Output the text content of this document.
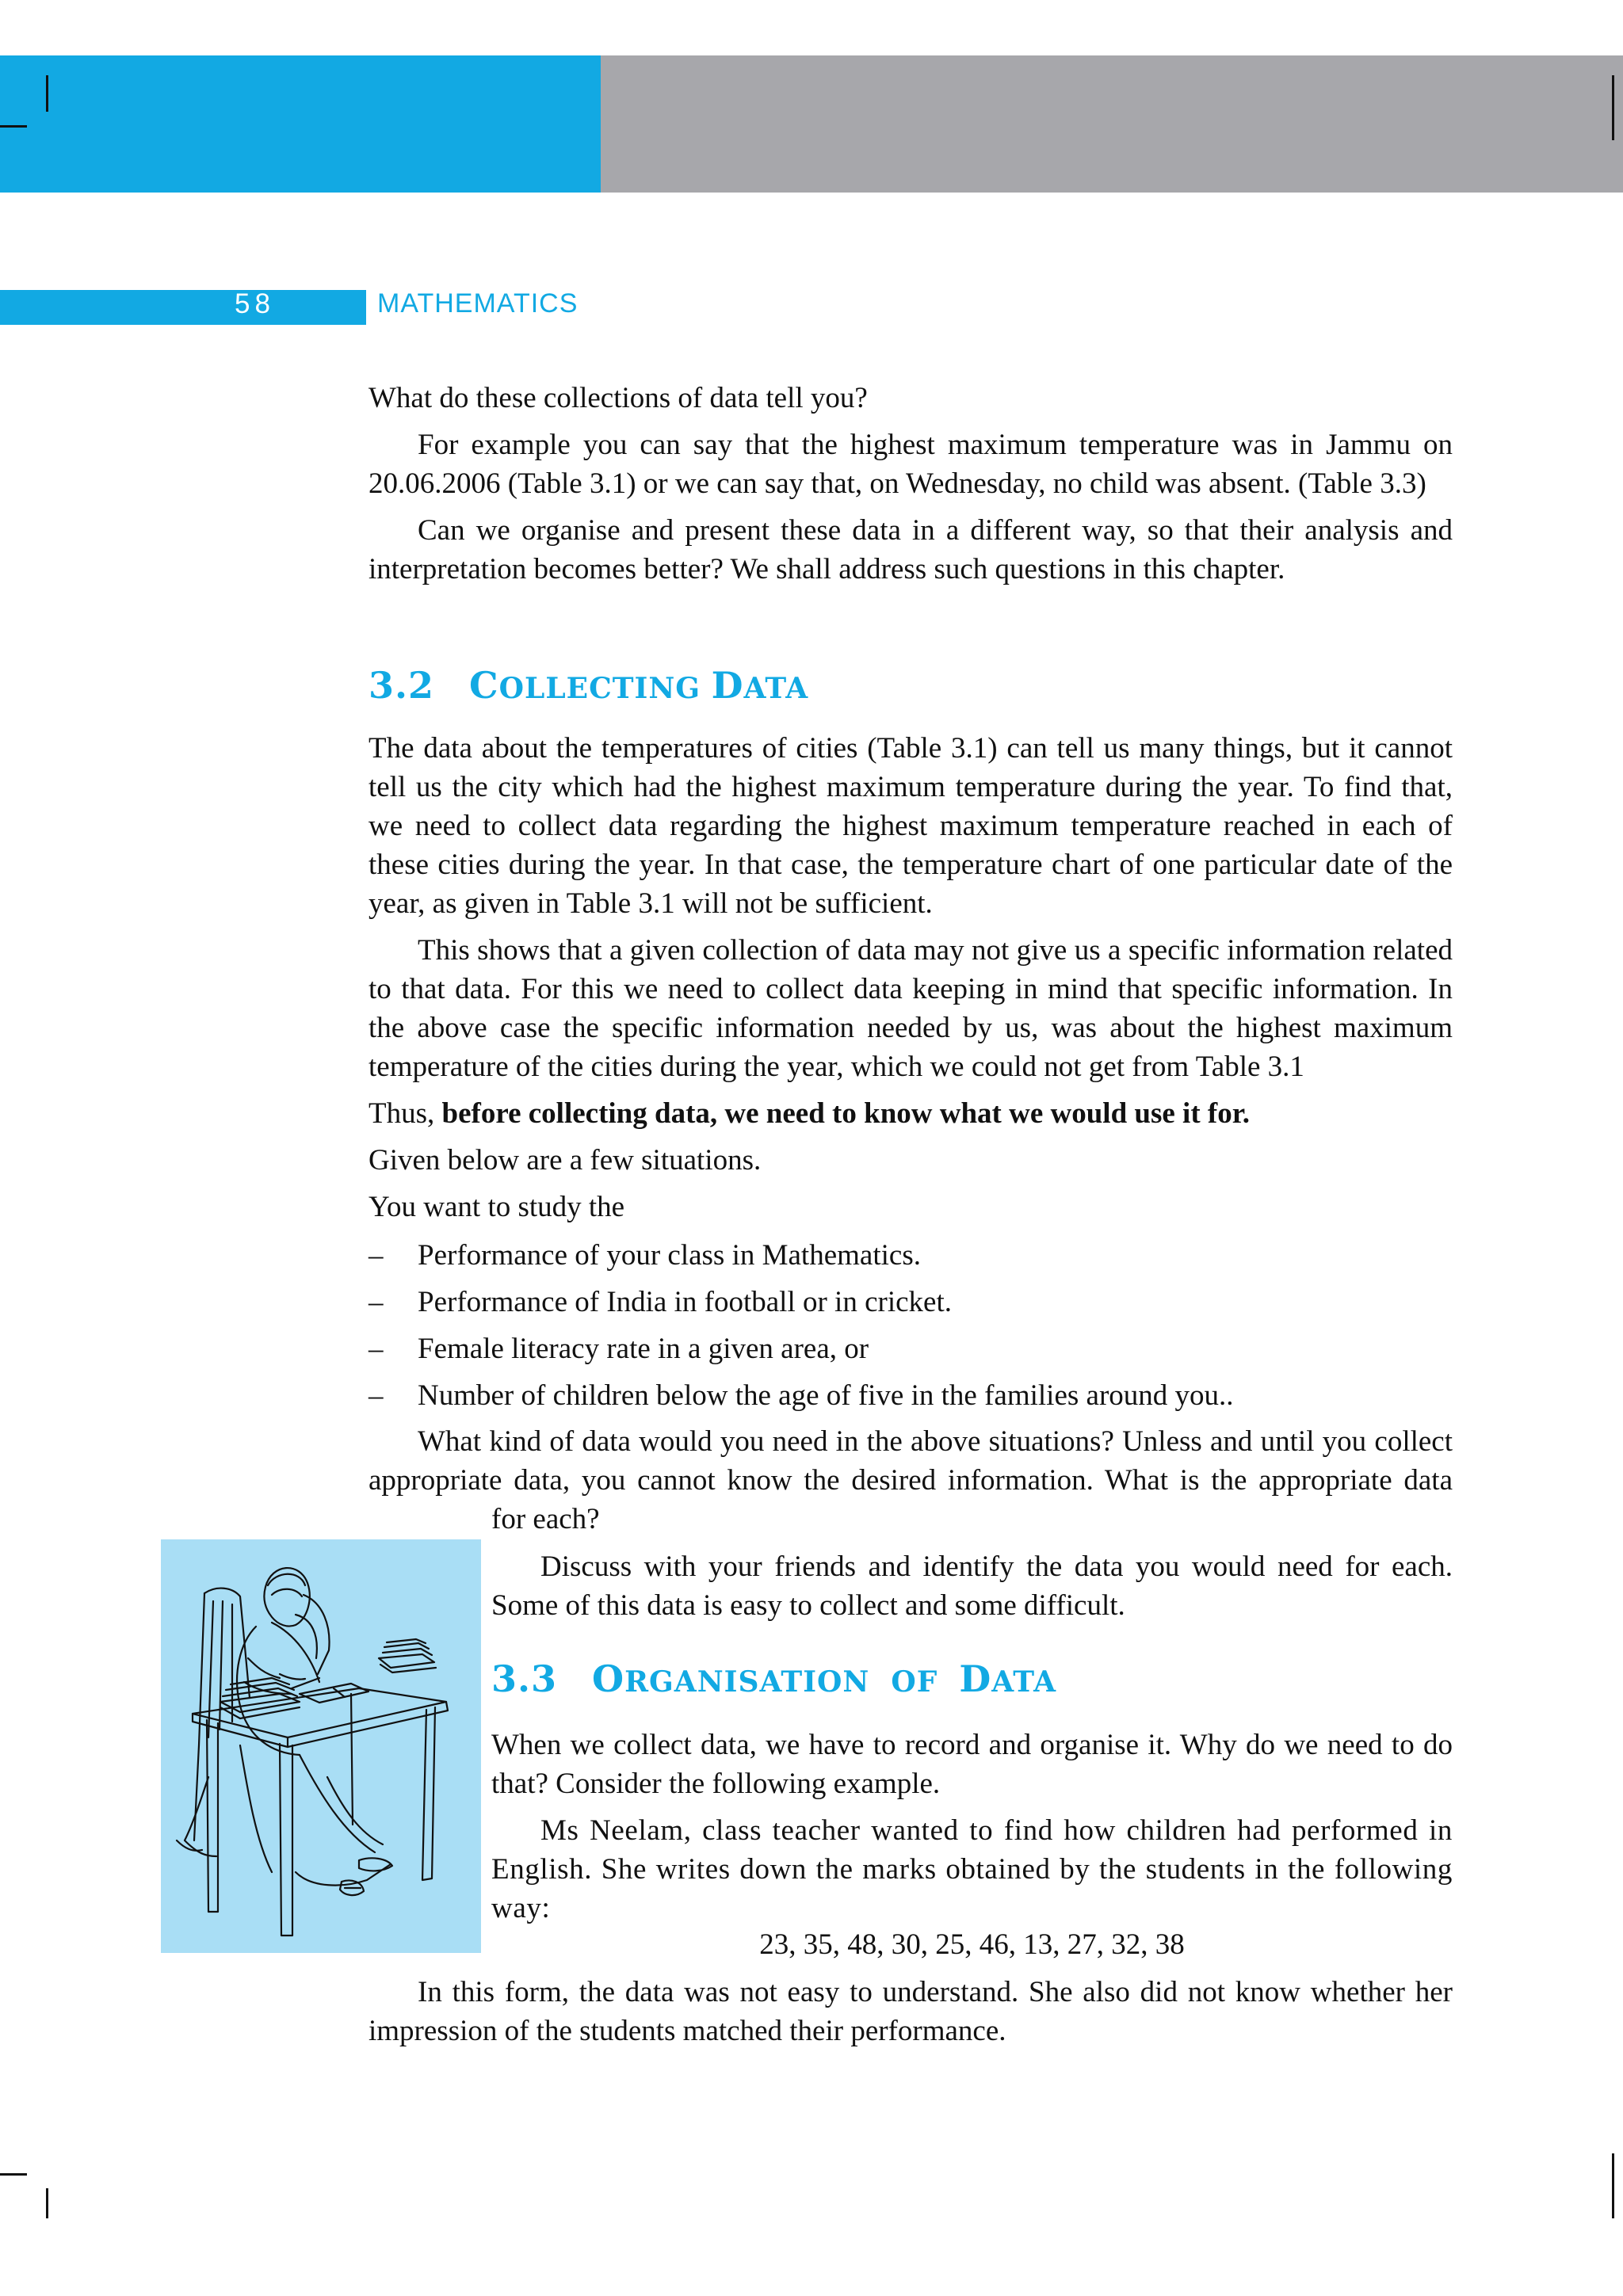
58	MATHEMATICS

What do these collections of data tell you?

For example you can say that the highest maximum temperature was in Jammu on 20.06.2006 (Table 3.1) or we can say that, on Wednesday, no child was absent. (Table 3.3)

Can we organise and present these data in a different way, so that their analysis and interpretation becomes better? We shall address such questions in this chapter.

3.2 COLLECTING DATA

The data about the temperatures of cities (Table 3.1) can tell us many things, but it cannot tell us the city which had the highest maximum temperature during the year. To find that, we need to collect data regarding the highest maximum temperature reached in each of these cities during the year. In that case, the temperature chart of one particular date of the year, as given in Table 3.1 will not be sufficient.

This shows that a given collection of data may not give us a specific information related to that data. For this we need to collect data keeping in mind that specific information. In the above case the specific information needed by us, was about the highest maximum temperature of the cities during the year, which we could not get from Table 3.1

Thus, before collecting data, we need to know what we would use it for.

Given below are a few situations.

You want to study the

– Performance of your class in Mathematics.
– Performance of India in football or in cricket.
– Female literacy rate in a given area, or
– Number of children below the age of five in the families around you..

What kind of data would you need in the above situations? Unless and until you collect

appropriate data, you cannot know the desired information. What is the appropriate data

for each?

Discuss with your friends and identify the data you would need for each. Some of this data is easy to collect and some difficult.

3.3 ORGANISATION OF DATA

When we collect data, we have to record and organise it. Why do we need to do that? Consider the following example.

Ms Neelam, class teacher wanted to find how children had performed in English. She writes down the marks obtained by the students in the following way:

23, 35, 48, 30, 25, 46, 13, 27, 32, 38

In this form, the data was not easy to understand. She also did not know whether her impression of the students matched their performance.
